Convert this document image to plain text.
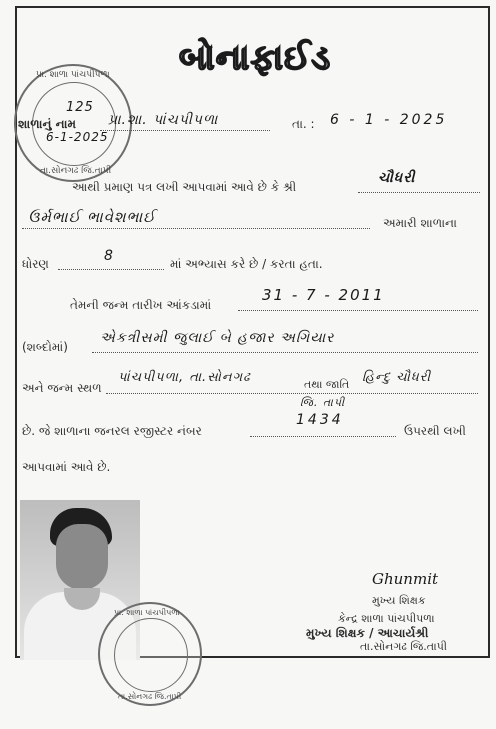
બોનાફાઈડ
પ્રા. શાળા પાંચપીપળા
તા.સોનગઢ જિ.તાપી
125
6-1-2025
શાળાનું નામ પ્રા.શા. પાંચપીપળા	તા. : 6 - 1 - 2025
આથી પ્રમાણ પત્ર લખી આપવામાં આવે છે કે શ્રી
ચૌધરી
ઉર્મભાઈ ભાવેશભાઈ	અમારી શાળાના
ધોરણ	8	માં અભ્યાસ કરે છે / કરતા હતા.
તેમની જન્મ તારીખ આંકડામાં
31 - 7 - 2011
(શબ્દોમાં)
એકત્રીસમી જુલાઈ બે હજાર અગિયાર
અને જન્મ સ્થળ
પાંચપીપળા, તા.સોનગઢ	તથા જાતિ હિન્દુ ચૌધરી
જિ. તાપી
છે. જે શાળાના જનરલ રજીસ્ટર નંબર
1434
ઉપરથી લખી
આપવામાં આવે છે.
પ્રા. શાળા પાંચપીપળા
તા.સોનગઢ જિ.તાપી
Ghunmit
મુખ્ય શિક્ષક
કેન્દ્ર શાળા પાંચપીપળા
મુખ્ય શિક્ષક / આચાર્યશ્રી
તા.સોનગઢ જિ.તાપી
